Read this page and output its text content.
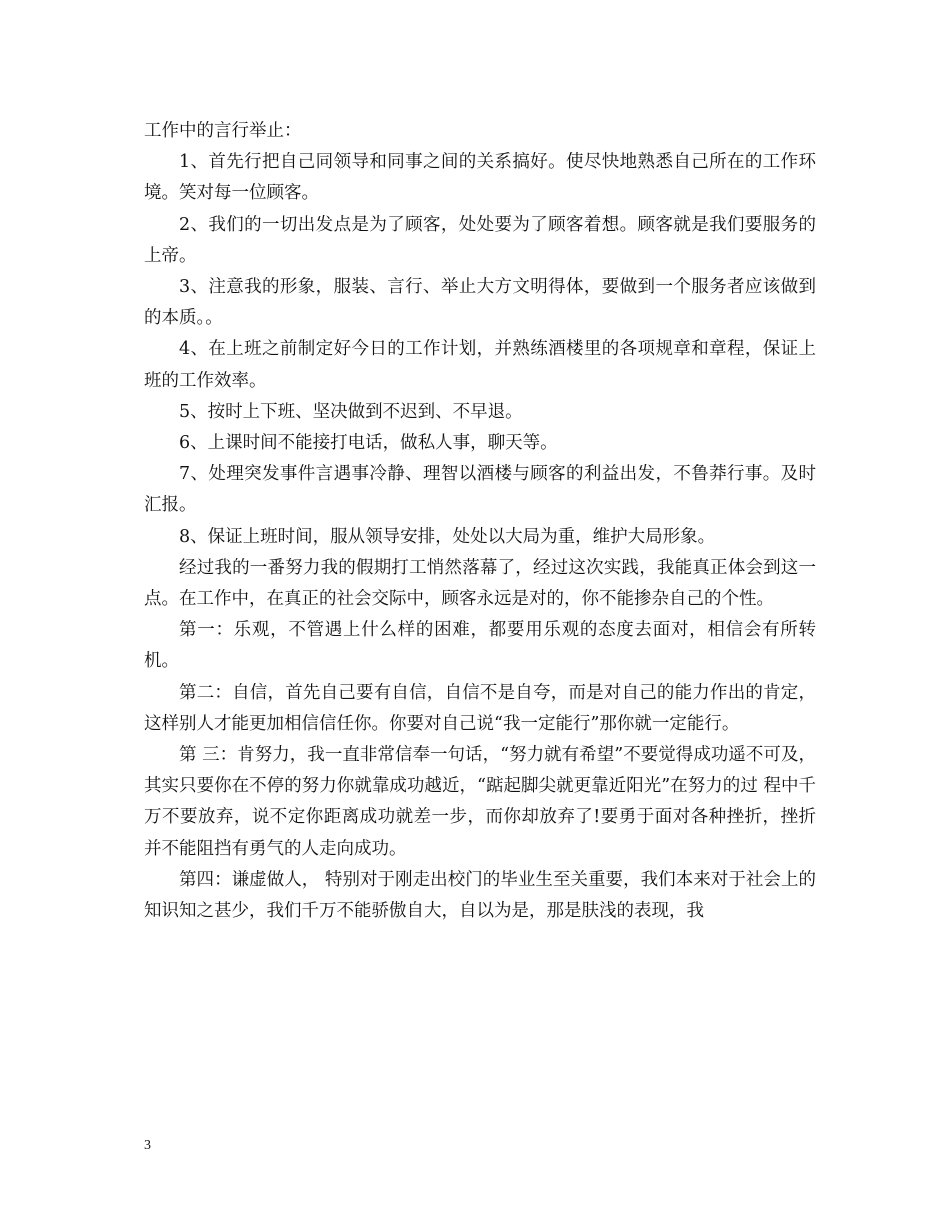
工作中的言行举止：

1、首先行把自己同领导和同事之间的关系搞好。使尽快地熟悉自己所在的工作环境。笑对每一位顾客。

2、我们的一切出发点是为了顾客，处处要为了顾客着想。顾客就是我们要服务的上帝。

3、注意我的形象，服装、言行、举止大方文明得体，要做到一个服务者应该做到的本质。。

4、在上班之前制定好今日的工作计划，并熟练酒楼里的各项规章和章程，保证上班的工作效率。

5、按时上下班、坚决做到不迟到、不早退。

6、上课时间不能接打电话，做私人事，聊天等。

7、处理突发事件言遇事冷静、理智以酒楼与顾客的利益出发，不鲁莽行事。及时汇报。

8、保证上班时间，服从领导安排，处处以大局为重，维护大局形象。

经过我的一番努力我的假期打工悄然落幕了，经过这次实践，我能真正体会到这一点。在工作中，在真正的社会交际中，顾客永远是对的，你不能掺杂自己的个性。

第一：乐观，不管遇上什么样的困难，都要用乐观的态度去面对，相信会有所转机。

第二：自信，首先自己要有自信，自信不是自夸，而是对自己的能力作出的肯定，这样别人才能更加相信信任你。你要对自己说“我一定能行”那你就一定能行。

第 三：肯努力，我一直非常信奉一句话，“努力就有希望”不要觉得成功遥不可及，其实只要你在不停的努力你就靠成功越近，“踮起脚尖就更靠近阳光”在努力的过 程中千万不要放弃，说不定你距离成功就差一步，而你却放弃了!要勇于面对各种挫折，挫折并不能阻挡有勇气的人走向成功。

第四：谦虚做人， 特别对于刚走出校门的毕业生至关重要，我们本来对于社会上的知识知之甚少，我们千万不能骄傲自大，自以为是，那是肤浅的表现，我

3
